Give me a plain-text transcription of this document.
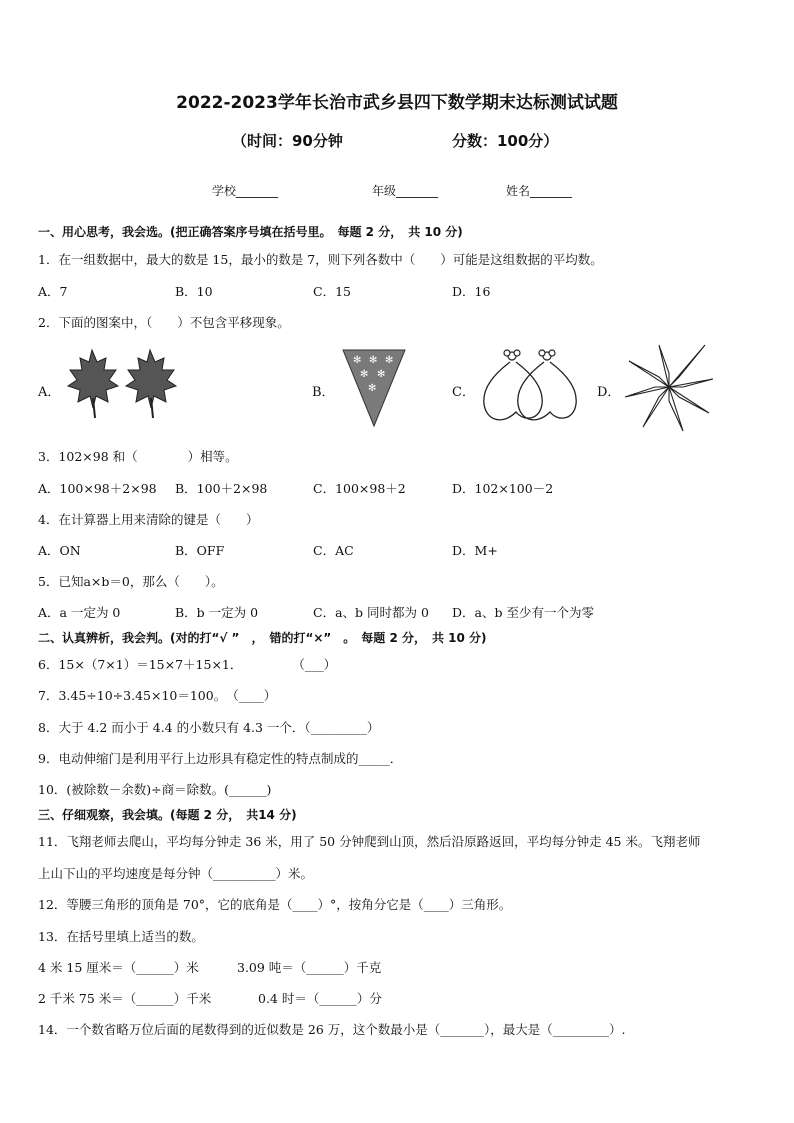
2022-2023学年长治市武乡县四下数学期末达标测试试题
（时间：90分钟	分数：100分）
学校_______	年级_______	姓名_______
一、用心思考，我会选。(把正确答案序号填在括号里。　每题 2 分，　共 10 分)
1．在一组数据中，最大的数是 15，最小的数是 7，则下列各数中（　　）可能是这组数据的平均数。
A．7	B．10	C．15	D．16
2．下面的图案中，（　　）不包含平移现象。
A．	B．
✻ ✻ ✻
✻ ✻
✻	C．	D．
3．102×98 和（　　　　）相等。
A．100×98＋2×98 B．100＋2×98	C．100×98＋2	D．102×100－2
4．在计算器上用来清除的键是（　　）
A．ON	B．OFF	C．AC	D．M+
5．已知a×b＝0，那么（　　）。
A．a 一定为 0	B．b 一定为 0	C．a、b 同时都为 0 D．a、b 至少有一个为零
二、认真辨析，我会判。(对的打“√ ”　，　错的打“×”　。　每题 2 分，　共 10 分)
6．15×（7×1）＝15×7＋15×1．　　　　　（___）
7．3.45÷10÷3.45×10＝100。　（____）
8．大于 4.2 而小于 4.4 的小数只有 4.3 一个．（_________）
9．电动伸缩门是利用平行上边形具有稳定性的特点制成的_____．
10．(被除数－余数)÷商＝除数。(______)
三、仔细观察，我会填。(每题 2 分，　共14 分)
11．飞翔老师去爬山，平均每分钟走 36 米，用了 50 分钟爬到山顶，然后沿原路返回，平均每分钟走 45 米。飞翔老师
上山下山的平均速度是每分钟（__________）米。
12．等腰三角形的顶角是 70°，它的底角是（____）°，按角分它是（____）三角形。
13．在括号里填上适当的数。
4 米 15 厘米＝（______）米	3.09 吨＝（______）千克
2 千米 75 米＝（______）千米	0.4 时＝（______）分
14．一个数省略万位后面的尾数得到的近似数是 26 万，这个数最小是（_______），最大是（_________）.
